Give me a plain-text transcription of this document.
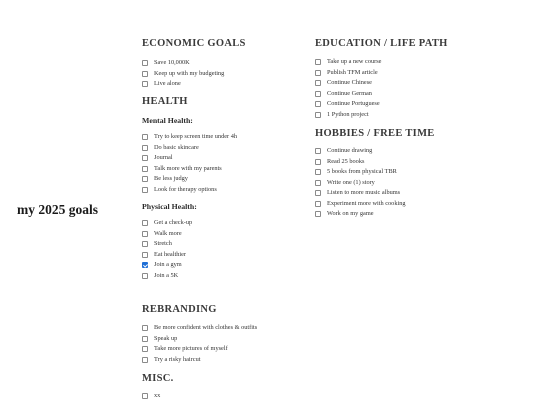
my 2025 goals
ECONOMIC GOALS
Save 10,000K
Keep up with my budgeting
Live alone
HEALTH
Mental Health:
Try to keep screen time under 4h
Do basic skincare
Journal
Talk more with my parents
Be less judgy
Look for therapy options
Physical Health:
Get a check-up
Walk more
Stretch
Eat healthier
Join a gym
Join a 5K
REBRANDING
Be more confident with clothes & outfits
Speak up
Take more pictures of myself
Try a risky haircut
MISC.
xx
EDUCATION / LIFE PATH
Take up a new course
Publish TFM article
Continue Chinese
Continue German
Continue Portuguese
1 Python project
HOBBIES / FREE TIME
Continue drawing
Read 25 books
5 books from physical TBR
Write one (1) story
Listen to more music albums
Experiment more with cooking
Work on my game
